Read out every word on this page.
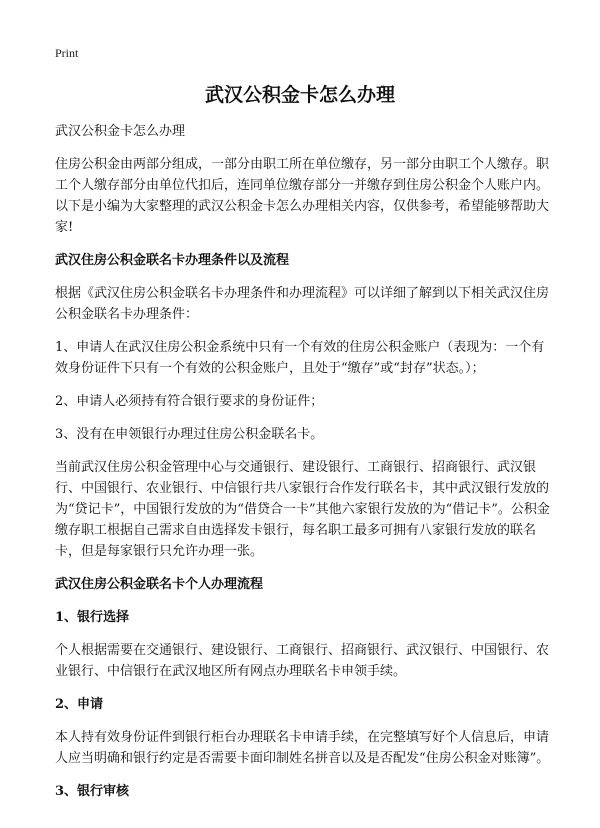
Print
武汉公积金卡怎么办理

武汉公积金卡怎么办理

住房公积金由两部分组成，一部分由职工所在单位缴存，另一部分由职工个人缴存。职工个人缴存部分由单位代扣后，连同单位缴存部分一并缴存到住房公积金个人账户内。以下是小编为大家整理的武汉公积金卡怎么办理相关内容，仅供参考，希望能够帮助大家!

武汉住房公积金联名卡办理条件以及流程

根据《武汉住房公积金联名卡办理条件和办理流程》可以详细了解到以下相关武汉住房公积金联名卡办理条件：

1、申请人在武汉住房公积金系统中只有一个有效的住房公积金账户（表现为：一个有效身份证件下只有一个有效的公积金账户，且处于“缴存”或“封存”状态。）；

2、申请人必须持有符合银行要求的身份证件；

3、没有在申领银行办理过住房公积金联名卡。

当前武汉住房公积金管理中心与交通银行、建设银行、工商银行、招商银行、武汉银行、中国银行、农业银行、中信银行共八家银行合作发行联名卡，其中武汉银行发放的为“贷记卡”，中国银行发放的为“借贷合一卡”其他六家银行发放的为“借记卡”。公积金缴存职工根据自己需求自由选择发卡银行，每名职工最多可拥有八家银行发放的联名卡，但是每家银行只允许办理一张。

武汉住房公积金联名卡个人办理流程
1、银行选择

个人根据需要在交通银行、建设银行、工商银行、招商银行、武汉银行、中国银行、农业银行、中信银行在武汉地区所有网点办理联名卡申领手续。

2、申请

本人持有效身份证件到银行柜台办理联名卡申请手续，在完整填写好个人信息后，申请人应当明确和银行约定是否需要卡面印制姓名拼音以及是否配发“住房公积金对账簿”。

3、银行审核
